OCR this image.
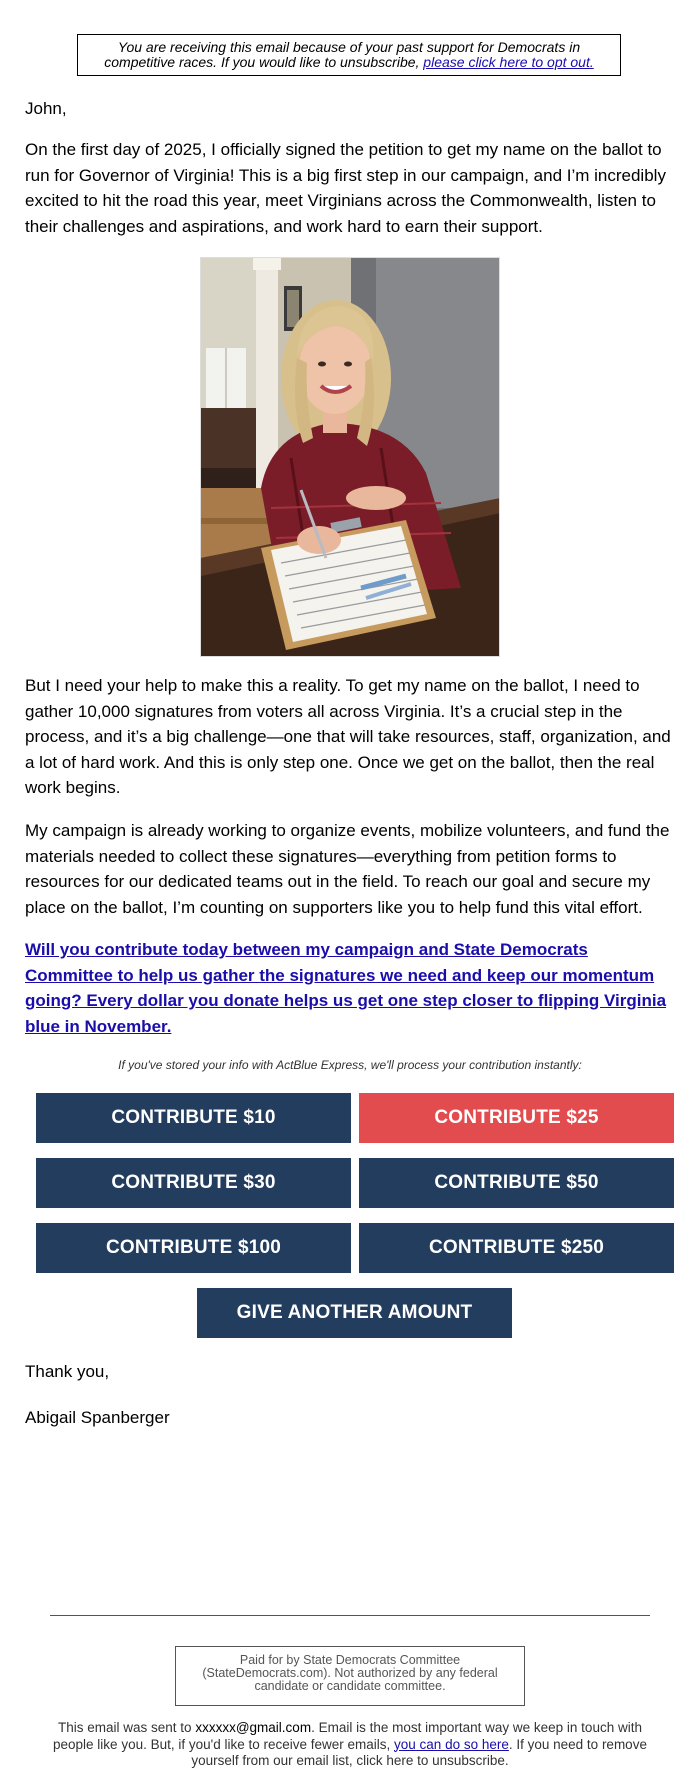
You are receiving this email because of your past support for Democrats in competitive races. If you would like to unsubscribe, please click here to opt out.

John,

On the first day of 2025, I officially signed the petition to get my name on the ballot to run for Governor of Virginia! This is a big first step in our campaign, and I’m incredibly excited to hit the road this year, meet Virginians across the Commonwealth, listen to their challenges and aspirations, and work hard to earn their support.

But I need your help to make this a reality. To get my name on the ballot, I need to gather 10,000 signatures from voters all across Virginia. It’s a crucial step in the process, and it’s a big challenge—one that will take resources, staff, organization, and a lot of hard work. And this is only step one. Once we get on the ballot, then the real work begins.

My campaign is already working to organize events, mobilize volunteers, and fund the materials needed to collect these signatures—everything from petition forms to resources for our dedicated teams out in the field. To reach our goal and secure my place on the ballot, I’m counting on supporters like you to help fund this vital effort.

Will you contribute today between my campaign and State Democrats Committee to help us gather the signatures we need and keep our momentum going? Every dollar you donate helps us get one step closer to flipping Virginia blue in November.
If you've stored your info with ActBlue Express, we'll process your contribution instantly:
CONTRIBUTE $10	CONTRIBUTE $25
CONTRIBUTE $30	CONTRIBUTE $50
CONTRIBUTE $100	CONTRIBUTE $250
GIVE ANOTHER AMOUNT
Thank you,
Abigail Spanberger
Paid for by State Democrats Committee (StateDemocrats.com). Not authorized by any federal candidate or candidate committee.
This email was sent to xxxxxx@gmail.com. Email is the most important way we keep in touch with people like you. But, if you'd like to receive fewer emails, you can do so here. If you need to remove yourself from our email list, click here to unsubscribe.
